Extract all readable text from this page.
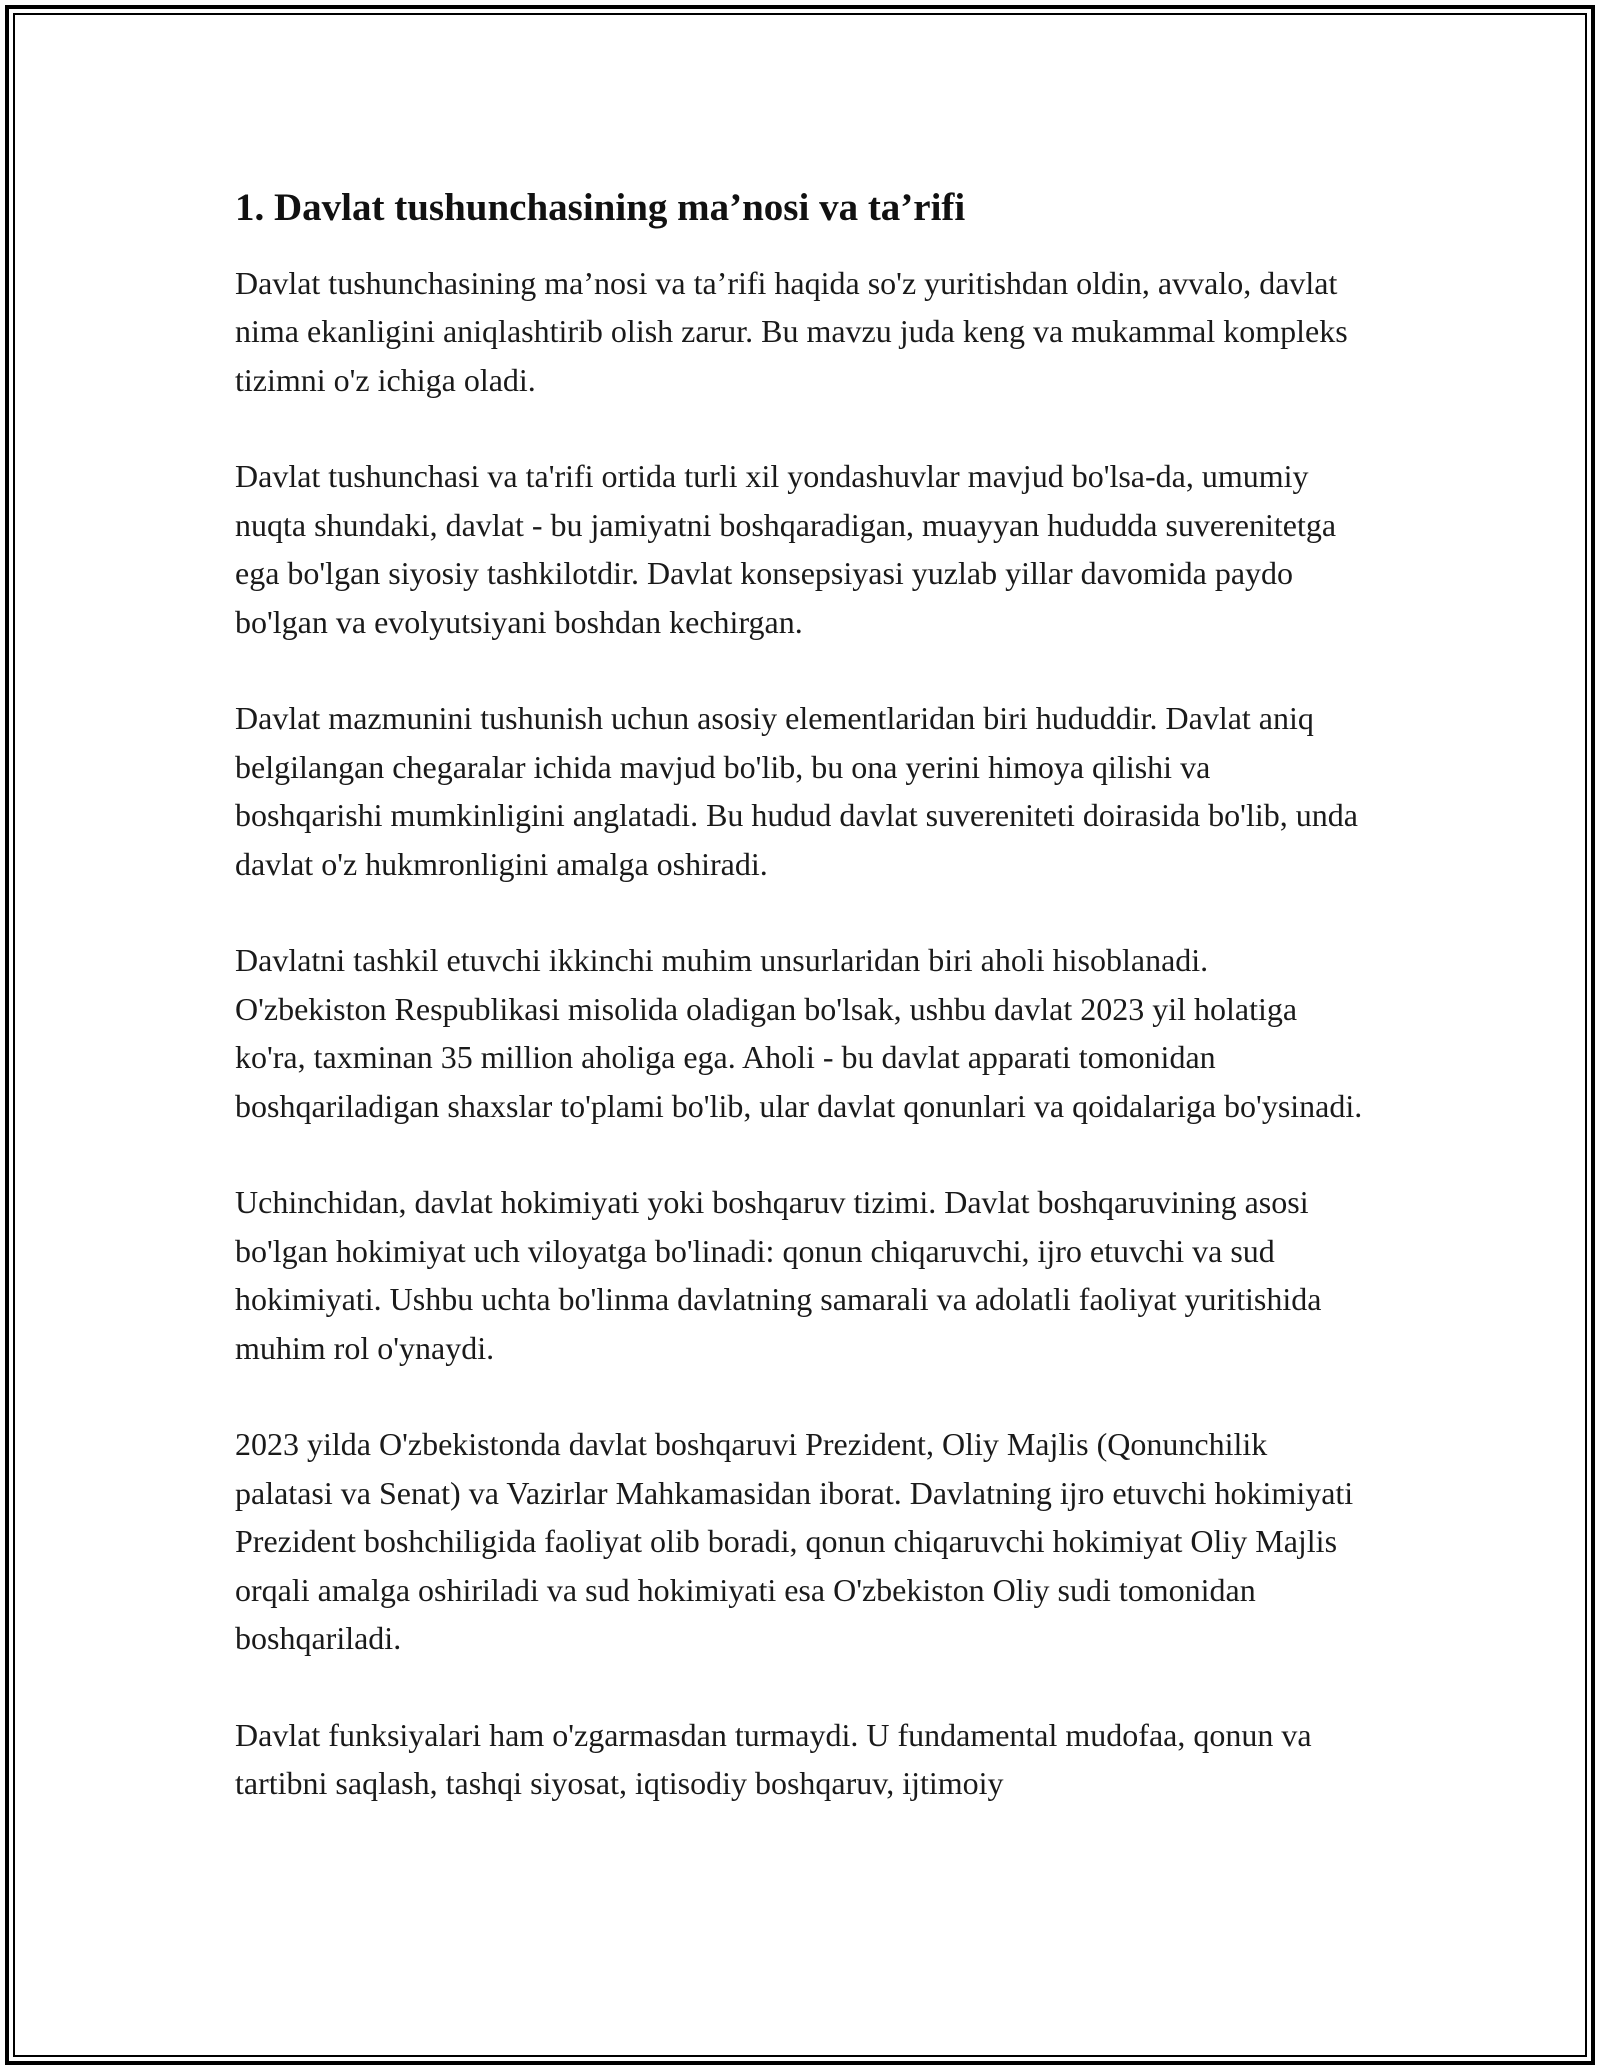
1. Davlat tushunchasining ma’nosi va ta’rifi

Davlat tushunchasining ma’nosi va ta’rifi haqida so'z yuritishdan oldin, avvalo, davlat nima ekanligini aniqlashtirib olish zarur. Bu mavzu juda keng va mukammal kompleks tizimni o'z ichiga oladi.

Davlat tushunchasi va ta'rifi ortida turli xil yondashuvlar mavjud bo'lsa-da, umumiy nuqta shundaki, davlat - bu jamiyatni boshqaradigan, muayyan hududda suverenitetga ega bo'lgan siyosiy tashkilotdir. Davlat konsepsiyasi yuzlab yillar davomida paydo bo'lgan va evolyutsiyani boshdan kechirgan.

Davlat mazmunini tushunish uchun asosiy elementlaridan biri hududdir. Davlat aniq belgilangan chegaralar ichida mavjud bo'lib, bu ona yerini himoya qilishi va boshqarishi mumkinligini anglatadi. Bu hudud davlat suvereniteti doirasida bo'lib, unda davlat o'z hukmronligini amalga oshiradi.

Davlatni tashkil etuvchi ikkinchi muhim unsurlaridan biri aholi hisoblanadi. O'zbekiston Respublikasi misolida oladigan bo'lsak, ushbu davlat 2023 yil holatiga ko'ra, taxminan 35 million aholiga ega. Aholi - bu davlat apparati tomonidan boshqariladigan shaxslar to'plami bo'lib, ular davlat qonunlari va qoidalariga bo'ysinadi.

Uchinchidan, davlat hokimiyati yoki boshqaruv tizimi. Davlat boshqaruvining asosi bo'lgan hokimiyat uch viloyatga bo'linadi: qonun chiqaruvchi, ijro etuvchi va sud hokimiyati. Ushbu uchta bo'linma davlatning samarali va adolatli faoliyat yuritishida muhim rol o'ynaydi.

2023 yilda O'zbekistonda davlat boshqaruvi Prezident, Oliy Majlis (Qonunchilik palatasi va Senat) va Vazirlar Mahkamasidan iborat. Davlatning ijro etuvchi hokimiyati Prezident boshchiligida faoliyat olib boradi, qonun chiqaruvchi hokimiyat Oliy Majlis orqali amalga oshiriladi va sud hokimiyati esa O'zbekiston Oliy sudi tomonidan boshqariladi.

Davlat funksiyalari ham o'zgarmasdan turmaydi. U fundamental mudofaa, qonun va tartibni saqlash, tashqi siyosat, iqtisodiy boshqaruv, ijtimoiy
